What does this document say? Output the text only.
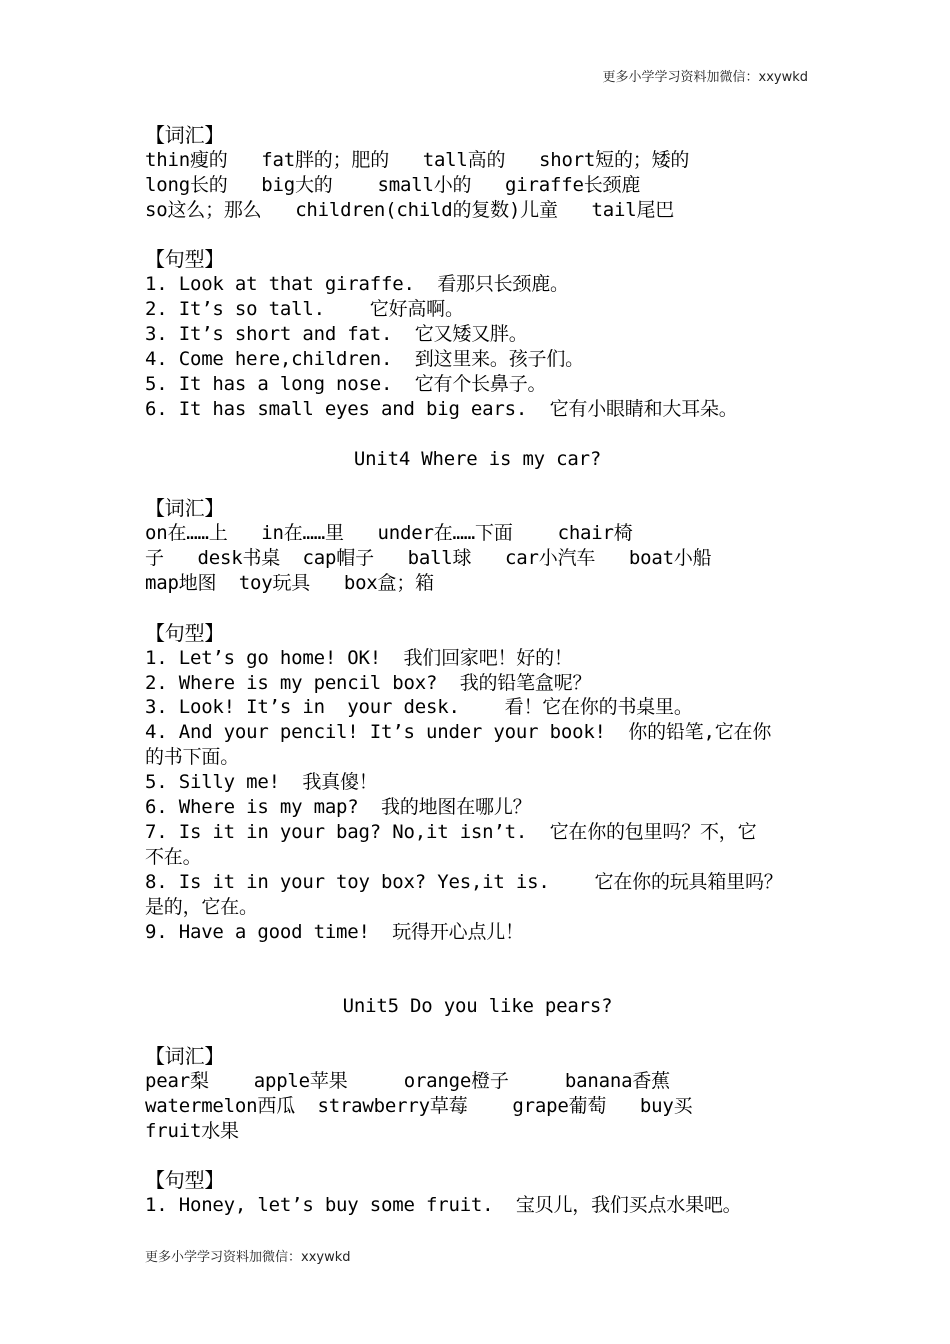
更多小学学习资料加微信：xxywkd
【词汇】
thin瘦的   fat胖的；肥的   tall高的   short短的；矮的
long长的   big大的    small小的   giraffe长颈鹿
so这么；那么   children(child的复数)儿童   tail尾巴
【句型】
1. Look at that giraffe.  看那只长颈鹿。
2. It’s so tall.    它好高啊。
3. It’s short and fat.  它又矮又胖。
4. Come here,children.  到这里来。孩子们。
5. It has a long nose.  它有个长鼻子。
6. It has small eyes and big ears.  它有小眼睛和大耳朵。
Unit4 Where is my car?
【词汇】
on在……上   in在……里   under在……下面    chair椅
子   desk书桌  cap帽子   ball球   car小汽车   boat小船
map地图  toy玩具   box盒；箱
【句型】
1. Let’s go home! OK!  我们回家吧！好的！
2. Where is my pencil box?  我的铅笔盒呢？
3. Look! It’s in  your desk.    看！它在你的书桌里。
4. And your pencil! It’s under your book!  你的铅笔,它在你
的书下面。
5. Silly me!  我真傻！
6. Where is my map?  我的地图在哪儿？
7. Is it in your bag? No,it isn’t.  它在你的包里吗？不，它
不在。
8. Is it in your toy box? Yes,it is.    它在你的玩具箱里吗？
是的，它在。
9. Have a good time!  玩得开心点儿！
Unit5 Do you like pears?
【词汇】
pear梨    apple苹果     orange橙子     banana香蕉
watermelon西瓜  strawberry草莓    grape葡萄   buy买
fruit水果
【句型】
1. Honey, let’s buy some fruit.  宝贝儿，我们买点水果吧。
更多小学学习资料加微信：xxywkd
